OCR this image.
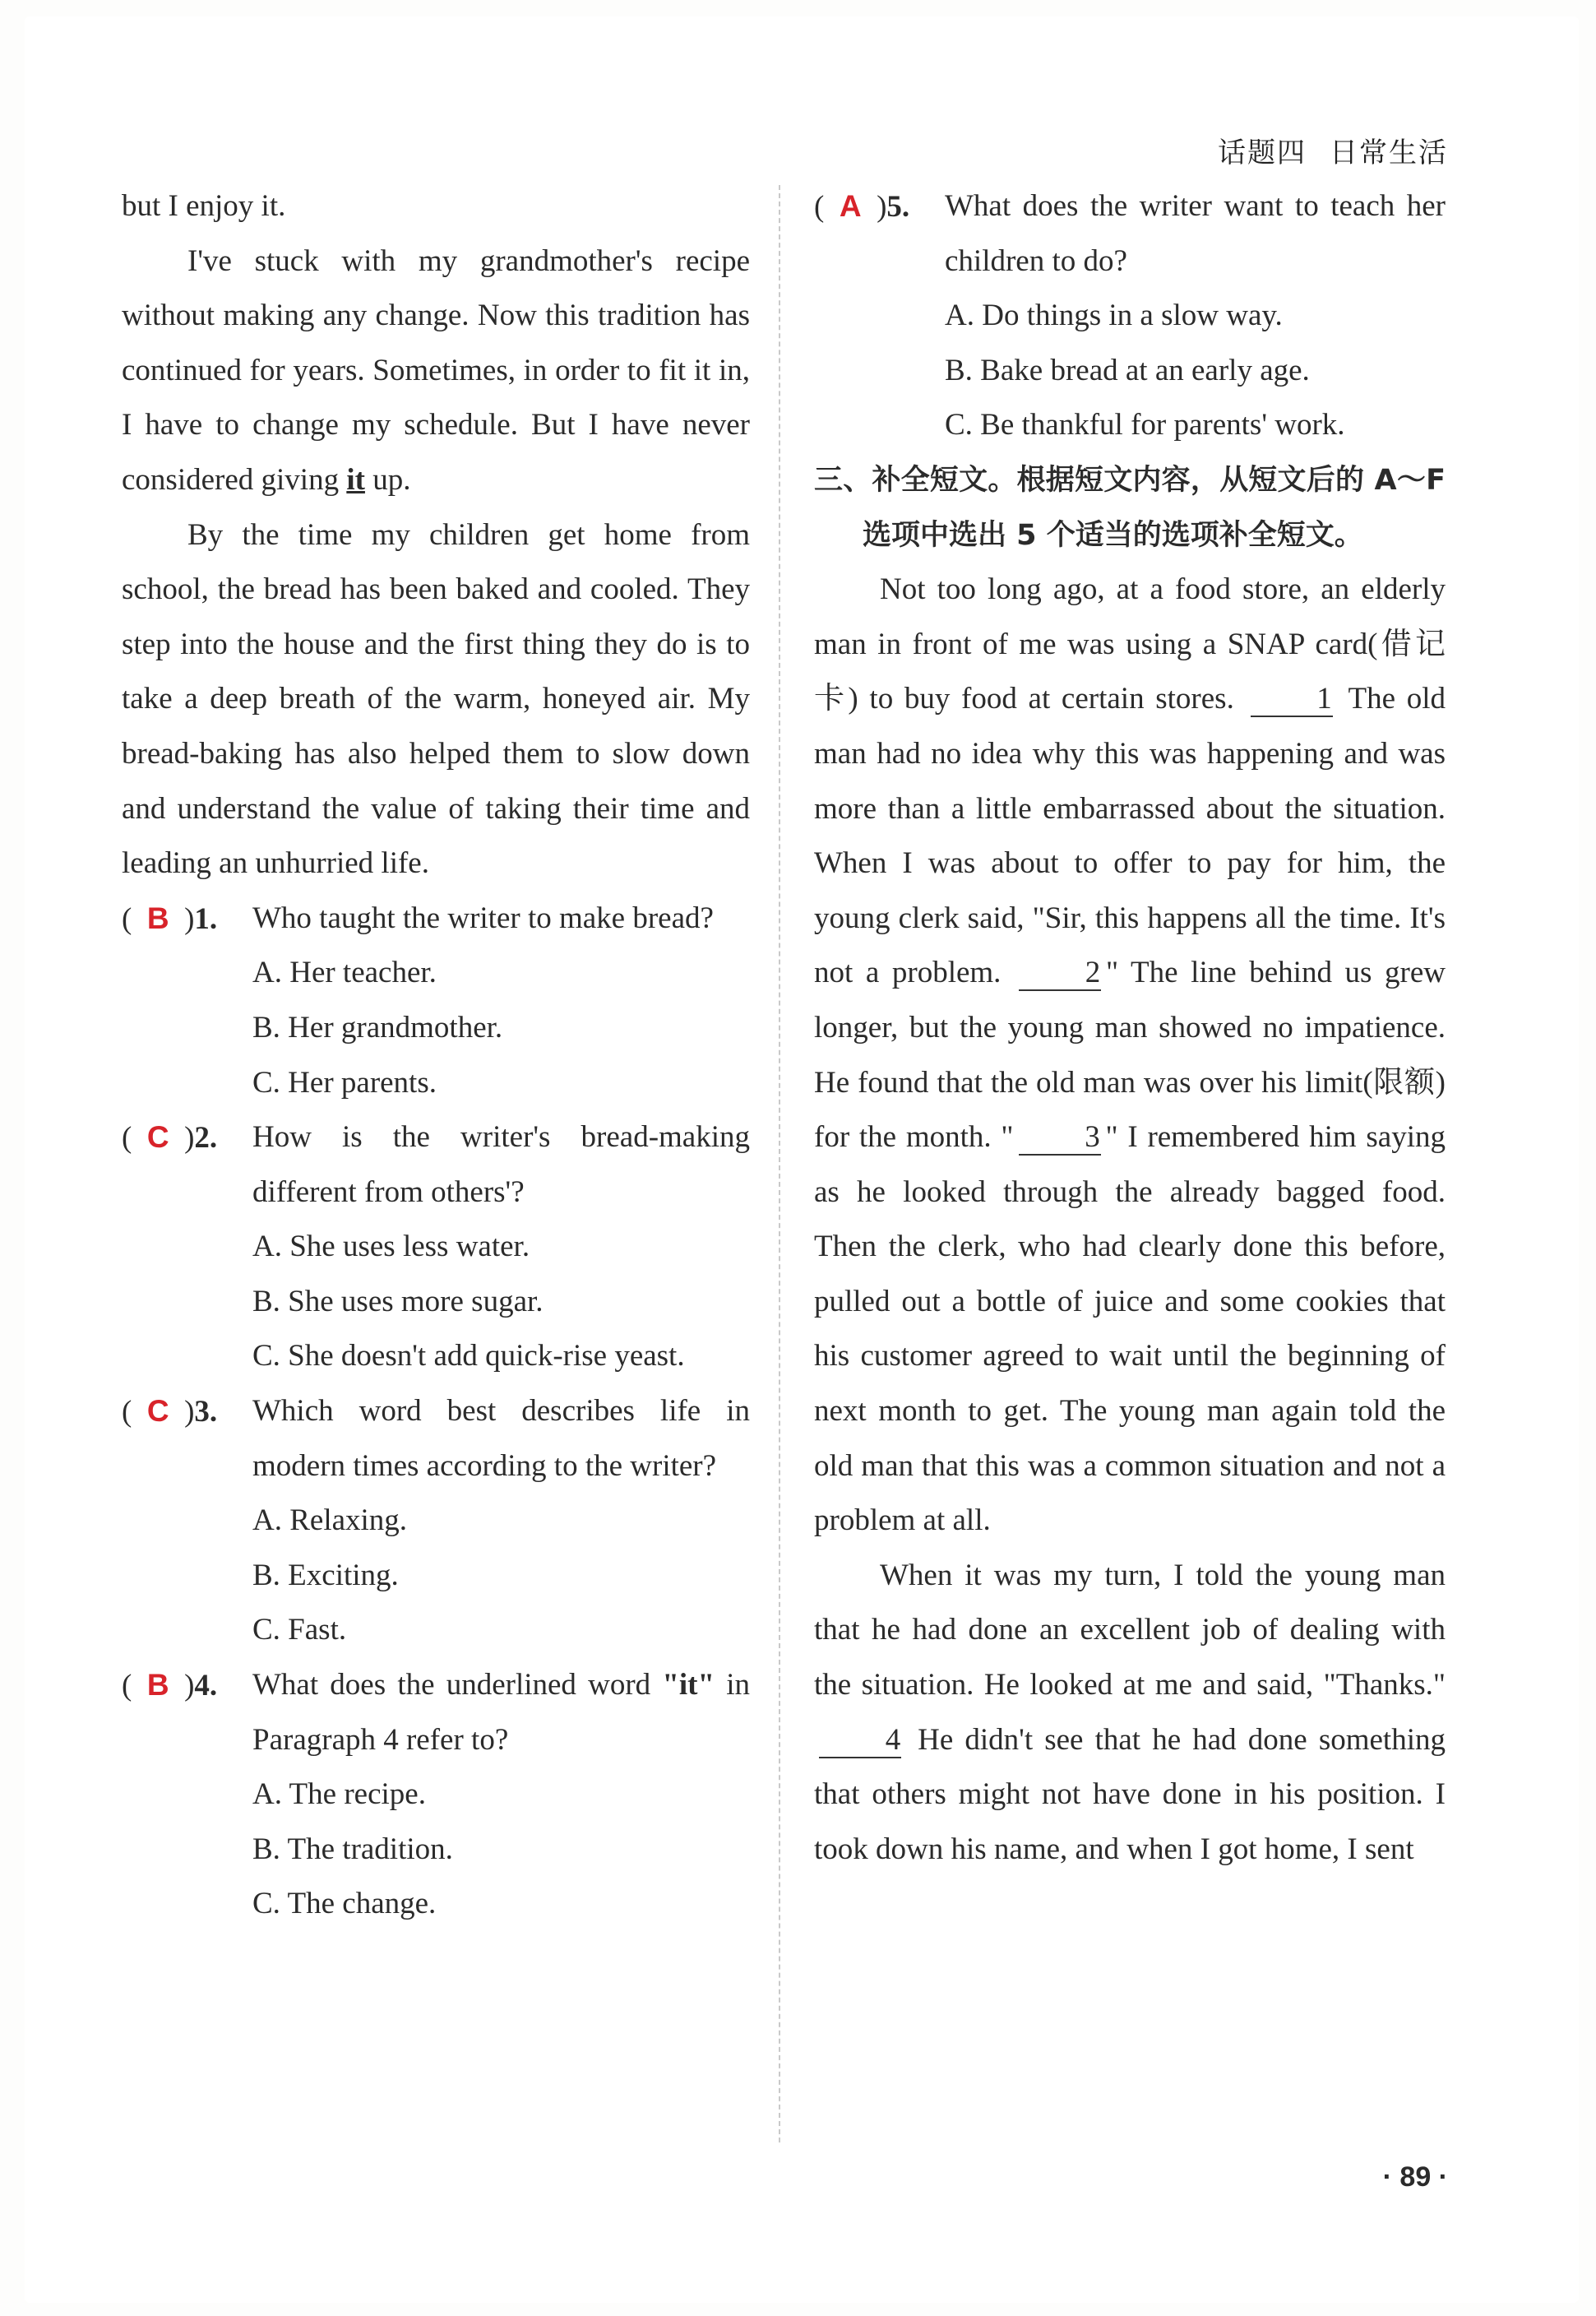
话题四 日常生活

but I enjoy it.

I've stuck with my grandmother's recipe without making any change. Now this tradition has continued for years. Sometimes, in order to fit it in, I have to change my schedule. But I have never considered giving it up.

By the time my children get home from school, the bread has been baked and cooled. They step into the house and the first thing they do is to take a deep breath of the warm, honeyed air. My bread-baking has also helped them to slow down and understand the value of taking their time and leading an unhurried life.

(  B  )1.	Who taught the writer to make bread?

A. Her teacher.

B. Her grandmother.

C. Her parents.

(  C  )2.	How is the writer's bread-making different from others'?

A. She uses less water.

B. She uses more sugar.

C. She doesn't add quick-rise yeast.

(  C  )3.	Which word best describes life in modern times according to the writer?

A. Relaxing.

B. Exciting.

C. Fast.

(  B  )4.	What does the underlined word "it" in Paragraph 4 refer to?

A. The recipe.

B. The tradition.

C. The change.

(  A  )5.	What does the writer want to teach her children to do?

A. Do things in a slow way.

B. Bake bread at an early age.

C. Be thankful for parents' work.

三、补全短文。根据短文内容，从短文后的 A～F 选项中选出 5 个适当的选项补全短文。

Not too long ago, at a food store, an elderly man in front of me was using a SNAP card(借记卡) to buy food at certain stores.	1 The old man had no idea why this was happening and was more than a little embarrassed about the situation. When I was about to offer to pay for him, the young clerk said, "Sir, this happens all the time. It's not a problem.	2 " The line behind us grew longer, but the young man showed no impatience. He found that the old man was over his limit(限额) for the month. " 3 " I remembered him saying as he looked through the already bagged food. Then the clerk, who had clearly done this before, pulled out a bottle of juice and some cookies that his customer agreed to wait until the beginning of next month to get. The young man again told the old man that this was a common situation and not a problem at all.

When it was my turn, I told the young man that he had done an excellent job of dealing with the situation. He looked at me and said, "Thanks." 4 He didn't see that he had done something that others might not have done in his position. I took down his name, and when I got home, I sent

· 89 ·
